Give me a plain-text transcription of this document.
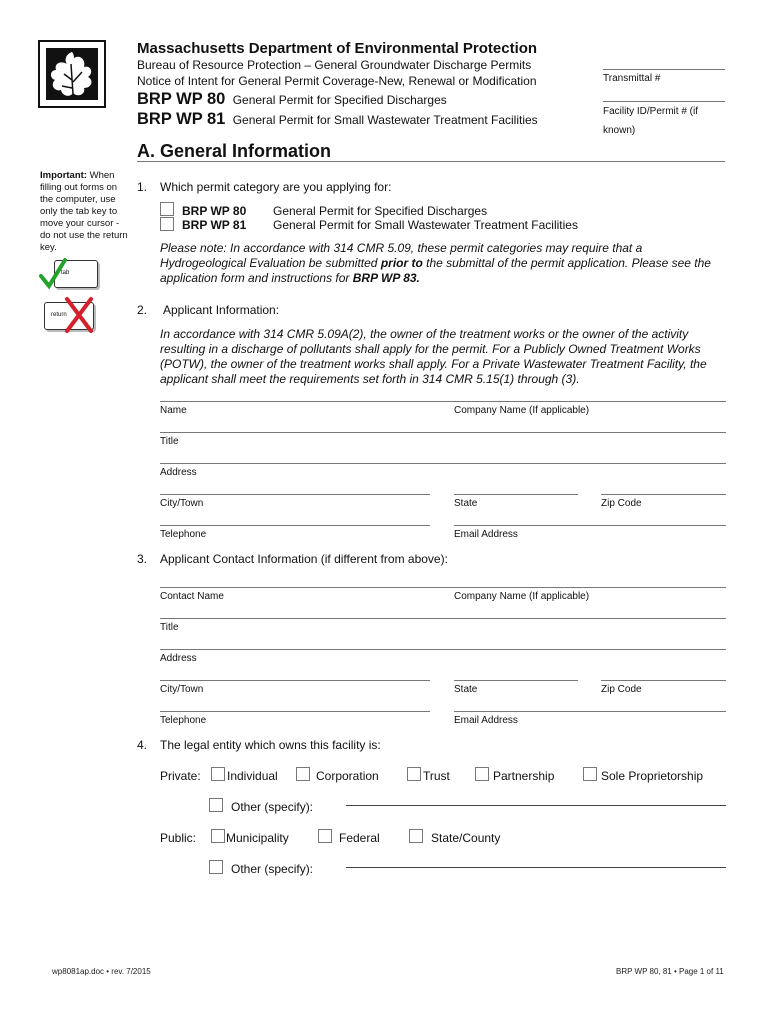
Massachusetts Department of Environmental Protection
Bureau of Resource Protection – General Groundwater Discharge Permits
Notice of Intent for General Permit Coverage-New, Renewal or Modification
BRP WP 80 General Permit for Specified Discharges
BRP WP 81 General Permit for Small Wastewater Treatment Facilities
Transmittal #
Facility ID/Permit # (if
known)
A. General Information
Important: When filling out forms on the computer, use only the tab key to move your cursor - do not use the return key.
tab
return
1. Which permit category are you applying for:
BRP WP 80 General Permit for Specified Discharges
BRP WP 81 General Permit for Small Wastewater Treatment Facilities
Please note: In accordance with 314 CMR 5.09, these permit categories may require that a Hydrogeological Evaluation be submitted prior to the submittal of the permit application. Please see the application form and instructions for BRP WP 83.
2. Applicant Information:
In accordance with 314 CMR 5.09A(2), the owner of the treatment works or the owner of the activity resulting in a discharge of pollutants shall apply for the permit. For a Publicly Owned Treatment Works (POTW), the owner of the treatment works shall apply. For a Private Wastewater Treatment Facility, the applicant shall meet the requirements set forth in 314 CMR 5.15(1) through (3).
Name	Company Name (If applicable)
Title
Address
City/Town	State	Zip Code
Telephone	Email Address
3. Applicant Contact Information (if different from above):
Contact Name	Company Name (If applicable)
Title
Address
City/Town	State	Zip Code
Telephone	Email Address
4. The legal entity which owns this facility is:
Private: Individual	Corporation	Trust	Partnership	Sole Proprietorship
Other (specify):
Public: Municipality	Federal	State/County
Other (specify):
wp8081ap.doc • rev. 7/2015	BRP WP 80, 81 • Page 1 of 11
